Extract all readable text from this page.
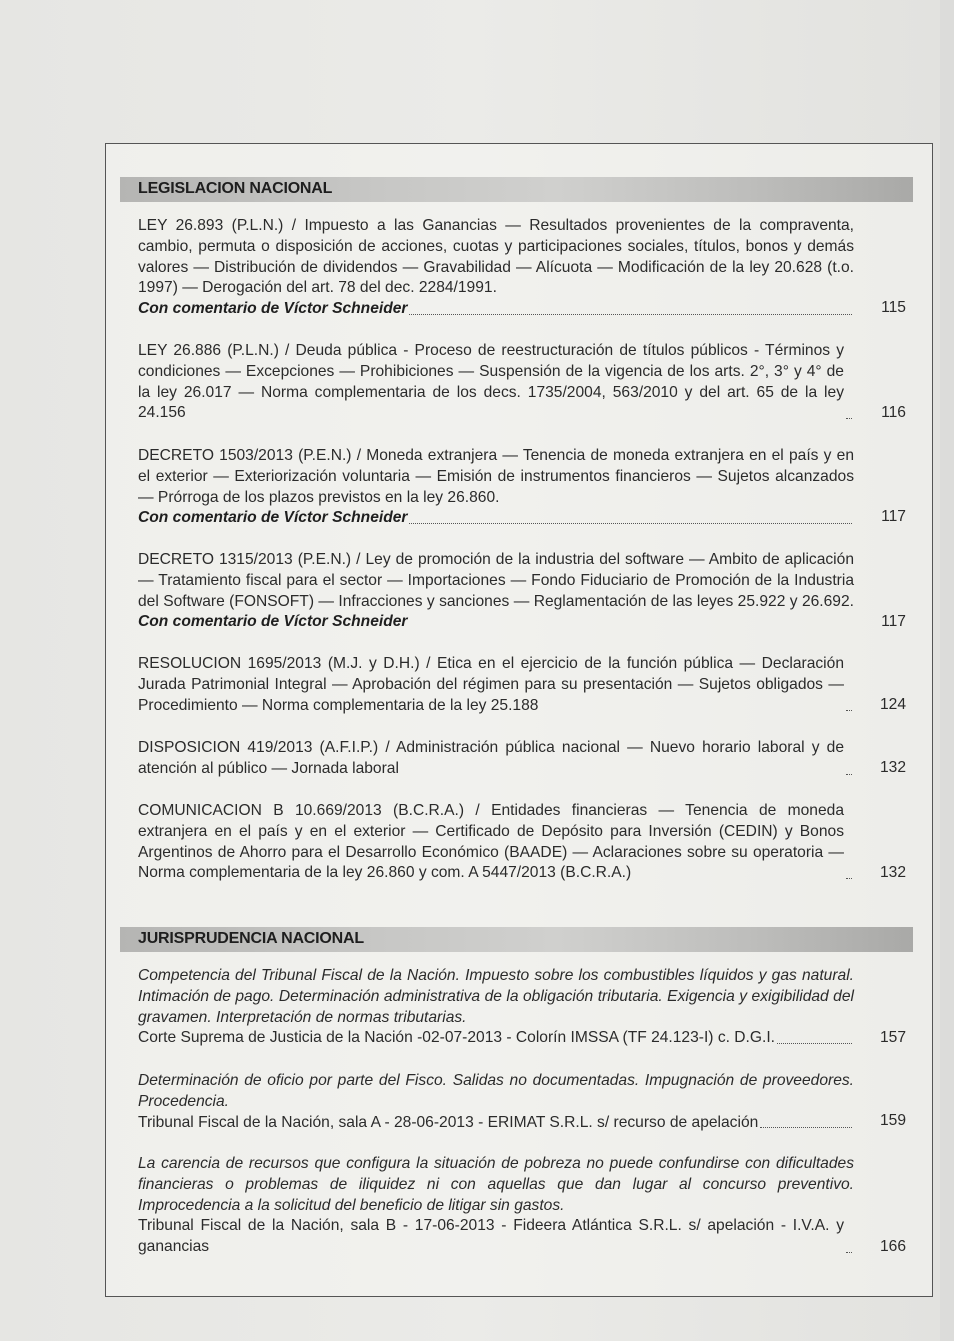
LEGISLACION NACIONAL
LEY 26.893 (P.L.N.) / Impuesto a las Ganancias — Resultados provenientes de la compraventa, cambio, permuta o disposición de acciones, cuotas y participaciones sociales, títulos, bonos y demás valores — Distribución de dividendos — Gravabilidad — Alícuota — Modificación de la ley 20.628 (t.o. 1997) — Derogación del art. 78 del dec. 2284/1991.
Con comentario de Víctor Schneider	115
LEY 26.886 (P.L.N.) / Deuda pública - Proceso de reestructuración de títulos públicos - Términos y condiciones — Excepciones — Prohibiciones — Suspensión de la vigencia de los arts. 2°, 3° y 4° de la ley 26.017 — Norma complementaria de los decs. 1735/2004, 563/2010 y del art. 65 de la ley 24.156	116
DECRETO 1503/2013 (P.E.N.) / Moneda extranjera — Tenencia de moneda extranjera en el país y en el exterior — Exteriorización voluntaria — Emisión de instrumentos financieros — Sujetos alcanzados — Prórroga de los plazos previstos en la ley 26.860.
Con comentario de Víctor Schneider	117
DECRETO 1315/2013 (P.E.N.) / Ley de promoción de la industria del software — Ambito de aplicación — Tratamiento fiscal para el sector — Importaciones — Fondo Fiduciario de Promoción de la Industria del Software (FONSOFT) — Infracciones y sanciones — Reglamentación de las leyes 25.922 y 26.692. Con comentario de Víctor Schneider	117
RESOLUCION 1695/2013 (M.J. y D.H.) / Etica en el ejercicio de la función pública — Declaración Jurada Patrimonial Integral — Aprobación del régimen para su presentación — Sujetos obligados — Procedimiento — Norma complementaria de la ley 25.188	124
DISPOSICION 419/2013 (A.F.I.P.) / Administración pública nacional — Nuevo horario laboral y de atención al público — Jornada laboral	132
COMUNICACION B 10.669/2013 (B.C.R.A.) / Entidades financieras — Tenencia de moneda extranjera en el país y en el exterior — Certificado de Depósito para Inversión (CEDIN) y Bonos Argentinos de Ahorro para el Desarrollo Económico (BAADE) — Aclaraciones sobre su operatoria — Norma complementaria de la ley 26.860 y com. A 5447/2013 (B.C.R.A.)	132
JURISPRUDENCIA NACIONAL
Competencia del Tribunal Fiscal de la Nación. Impuesto sobre los combustibles líquidos y gas natural. Intimación de pago. Determinación administrativa de la obligación tributaria. Exigencia y exigibilidad del gravamen. Interpretación de normas tributarias.
Corte Suprema de Justicia de la Nación -02-07-2013 - Colorín IMSSA (TF 24.123-I) c. D.G.I.	157
Determinación de oficio por parte del Fisco. Salidas no documentadas. Impugnación de proveedores. Procedencia.
Tribunal Fiscal de la Nación, sala A - 28-06-2013 - ERIMAT S.R.L. s/ recurso de apelación	159
La carencia de recursos que configura la situación de pobreza no puede confundirse con dificultades financieras o problemas de iliquidez ni con aquellas que dan lugar al concurso preventivo. Improcedencia a la solicitud del beneficio de litigar sin gastos.
Tribunal Fiscal de la Nación, sala B - 17-06-2013 - Fideera Atlántica S.R.L. s/ apelación - I.V.A. y ganancias	166
